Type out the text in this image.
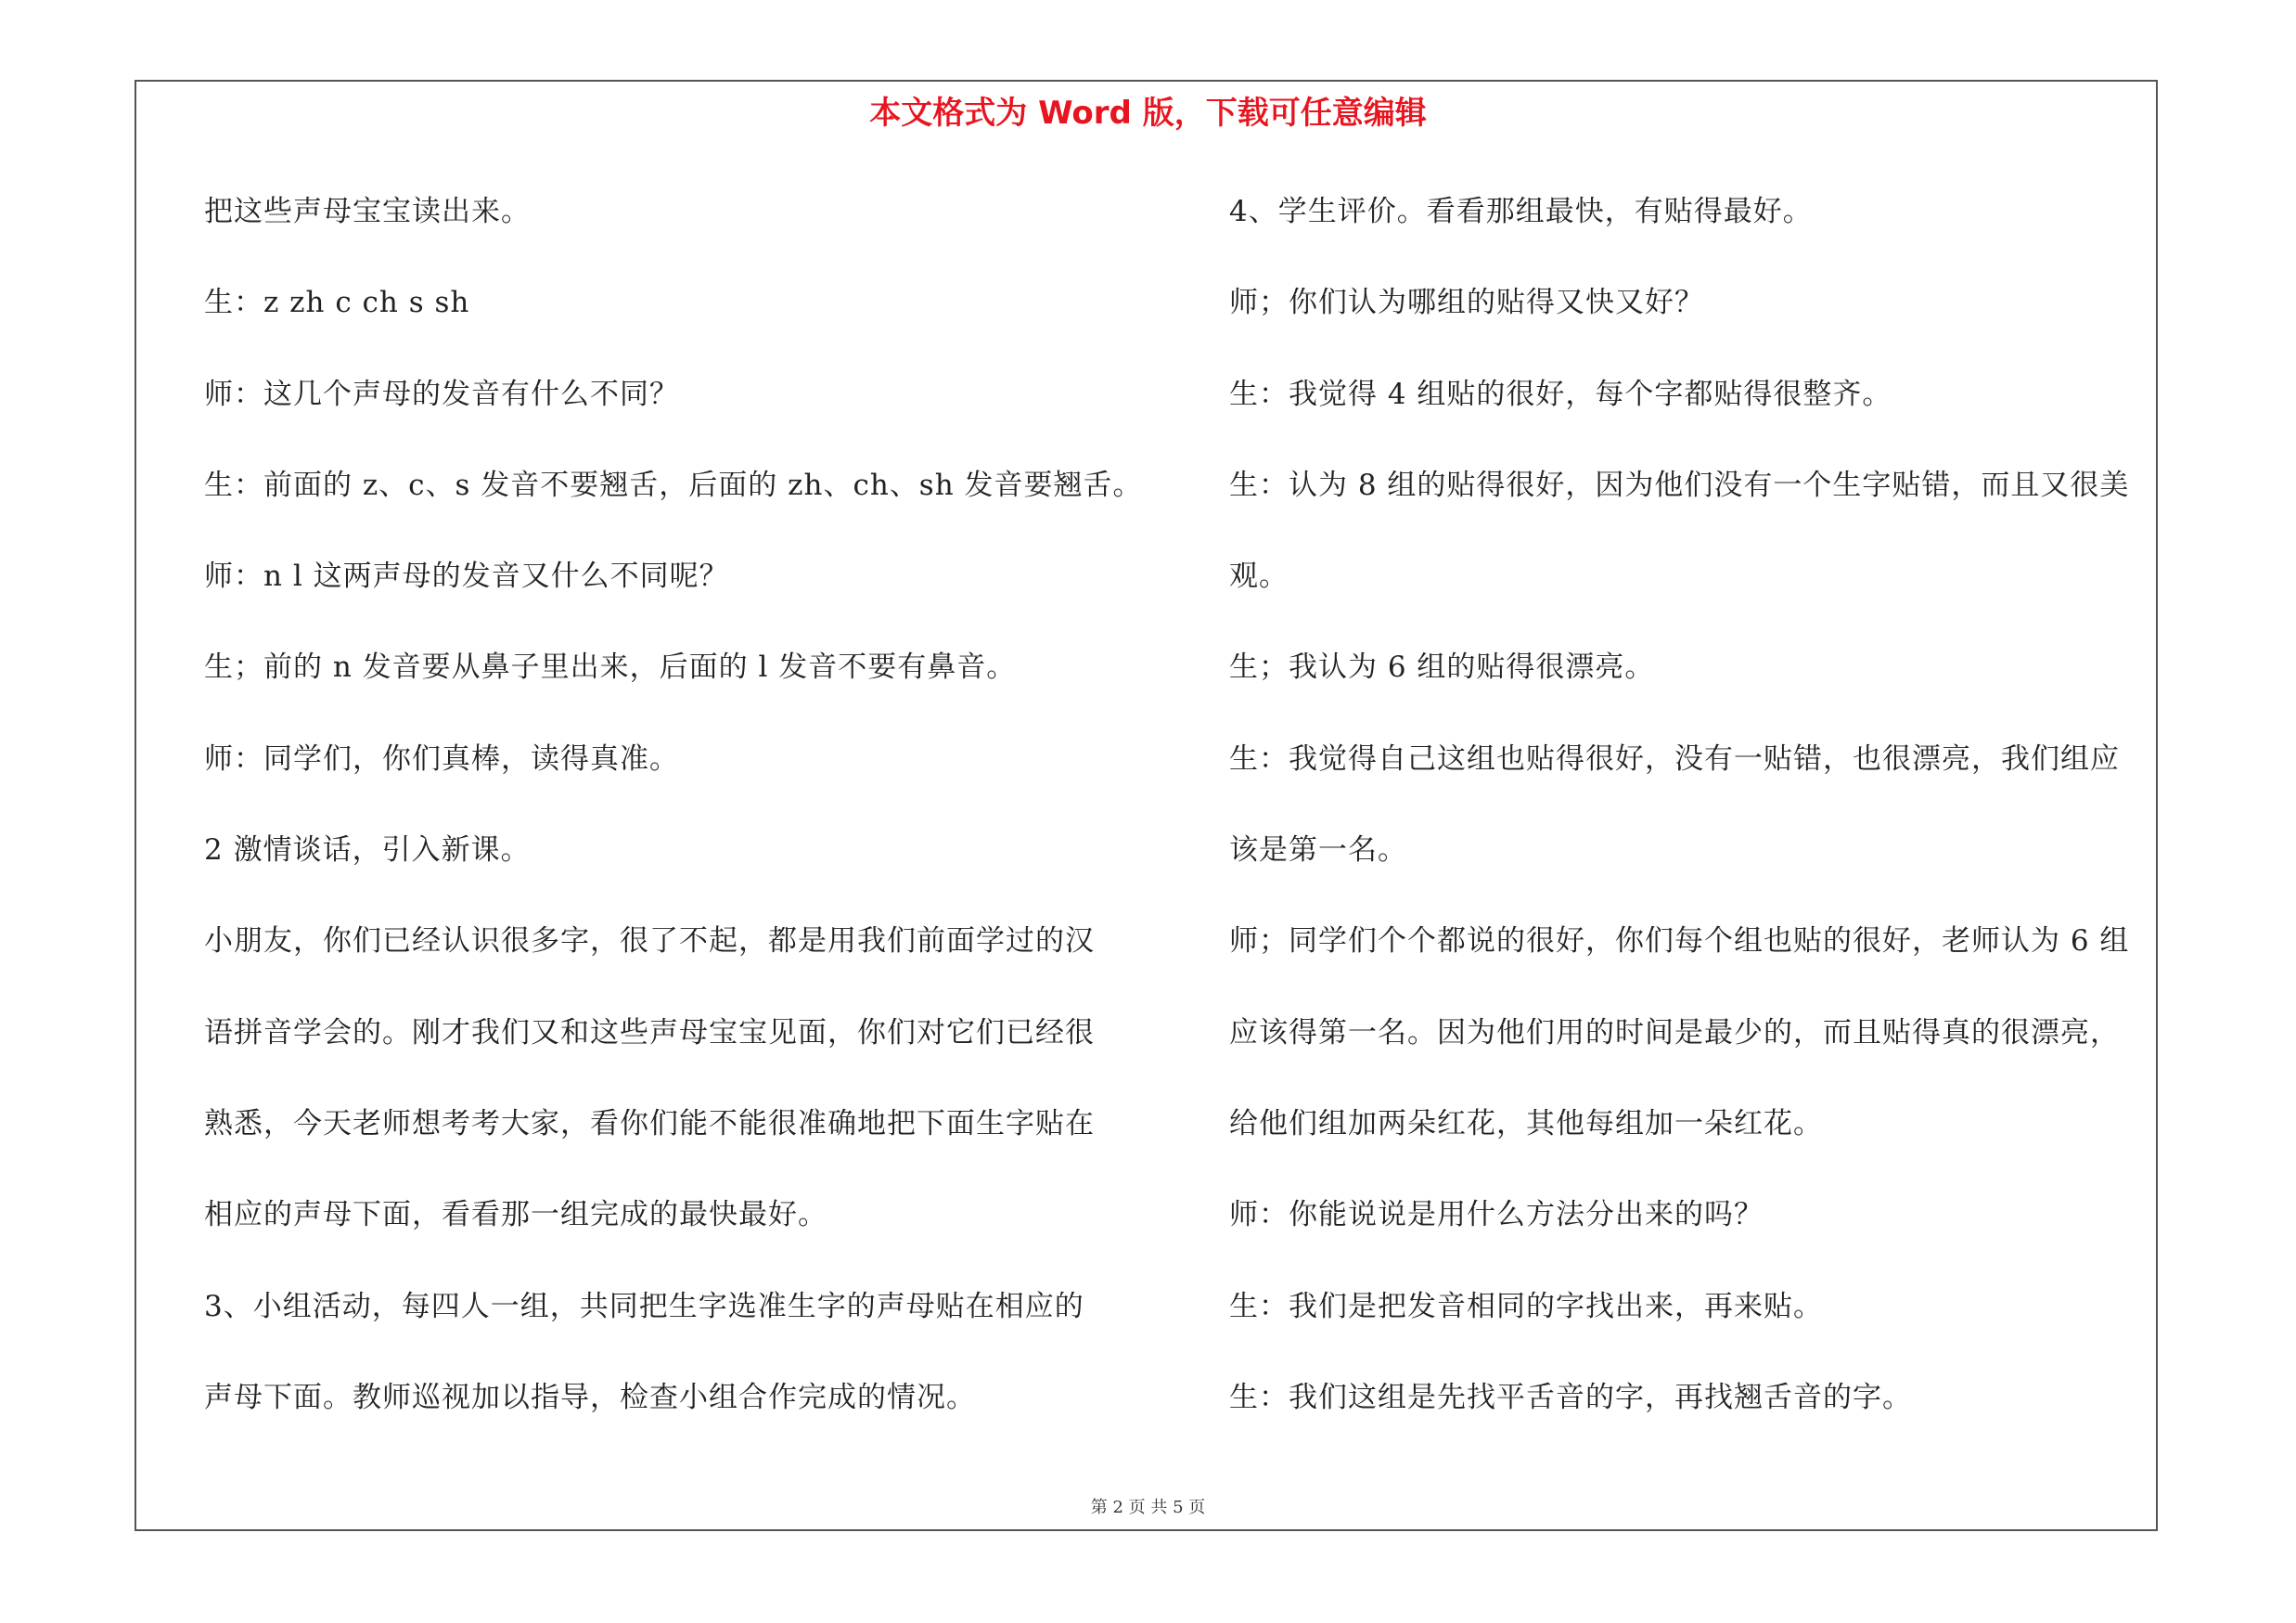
本文格式为 Word 版，下载可任意编辑
把这些声母宝宝读出来。
生：z zh c ch s sh
师：这几个声母的发音有什么不同？
生：前面的 z、c、s 发音不要翘舌，后面的 zh、ch、sh 发音要翘舌。
师：n l 这两声母的发音又什么不同呢？
生；前的 n 发音要从鼻子里出来，后面的 l 发音不要有鼻音。
师：同学们，你们真棒，读得真准。
2 激情谈话，引入新课。
小朋友，你们已经认识很多字，很了不起，都是用我们前面学过的汉
语拼音学会的。刚才我们又和这些声母宝宝见面，你们对它们已经很
熟悉，今天老师想考考大家，看你们能不能很准确地把下面生字贴在
相应的声母下面，看看那一组完成的最快最好。
3、小组活动，每四人一组，共同把生字选准生字的声母贴在相应的
声母下面。教师巡视加以指导，检查小组合作完成的情况。
4、学生评价。看看那组最快，有贴得最好。
师；你们认为哪组的贴得又快又好？
生：我觉得 4 组贴的很好，每个字都贴得很整齐。
生：认为 8 组的贴得很好，因为他们没有一个生字贴错，而且又很美
观。
生；我认为 6 组的贴得很漂亮。
生：我觉得自己这组也贴得很好，没有一贴错，也很漂亮，我们组应
该是第一名。
师；同学们个个都说的很好，你们每个组也贴的很好，老师认为 6 组
应该得第一名。因为他们用的时间是最少的，而且贴得真的很漂亮，
给他们组加两朵红花，其他每组加一朵红花。
师：你能说说是用什么方法分出来的吗？
生：我们是把发音相同的字找出来，再来贴。
生：我们这组是先找平舌音的字，再找翘舌音的字。
第 2 页 共 5 页
